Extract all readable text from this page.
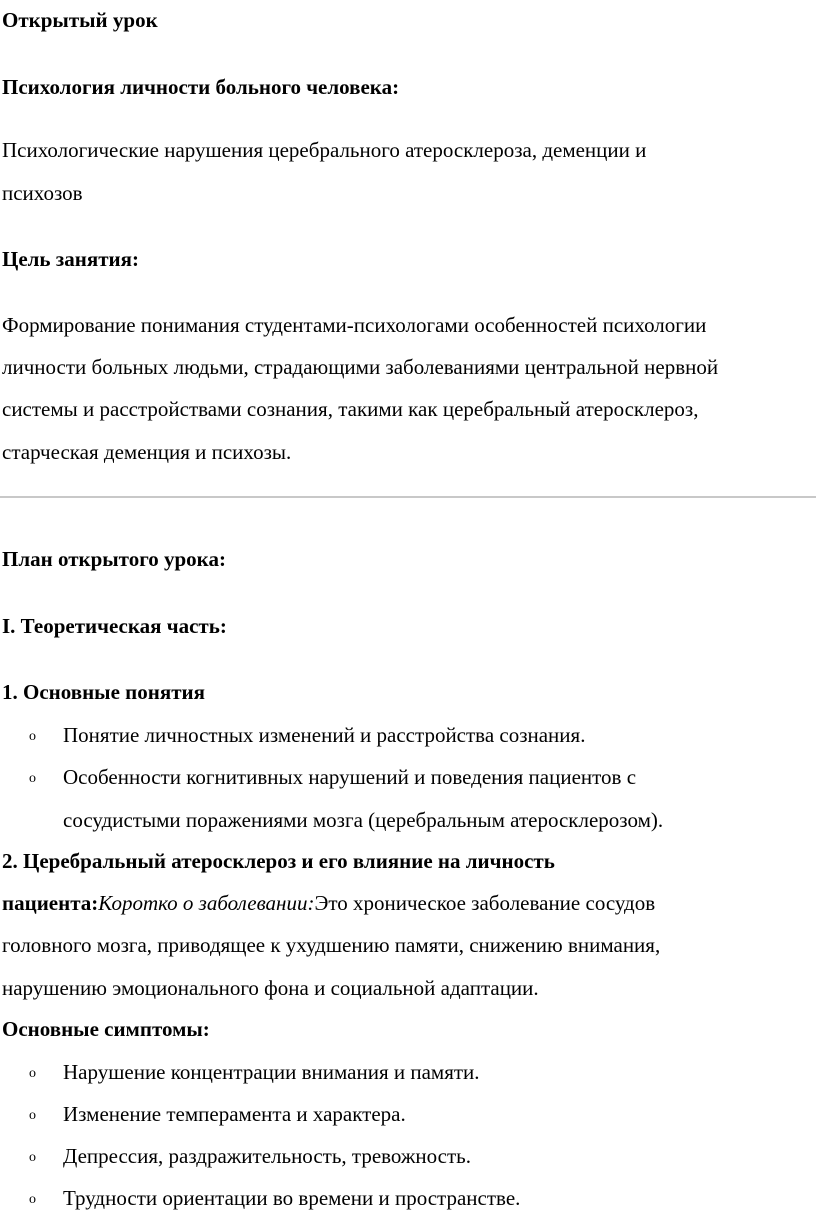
Открытый урок
Психология личности больного человека:
Психологические нарушения церебрального атеросклероза, деменции и
психозов
Цель занятия:
Формирование понимания студентами-психологами особенностей психологии
личности больных людьми, страдающими заболеваниями центральной нервной
системы и расстройствами сознания, такими как церебральный атеросклероз,
старческая деменция и психозы.
План открытого урока:
I. Теоретическая часть:
1. Основные понятия
o Понятие личностных изменений и расстройства сознания.
o Особенности когнитивных нарушений и поведения пациентов с
сосудистыми поражениями мозга (церебральным атеросклерозом).
2. Церебральный атеросклероз и его влияние на личность
пациента:Коротко о заболевании:Это хроническое заболевание сосудов
головного мозга, приводящее к ухудшению памяти, снижению внимания,
нарушению эмоционального фона и социальной адаптации.
Основные симптомы:
o Нарушение концентрации внимания и памяти.
o Изменение темперамента и характера.
o Депрессия, раздражительность, тревожность.
o Трудности ориентации во времени и пространстве.
